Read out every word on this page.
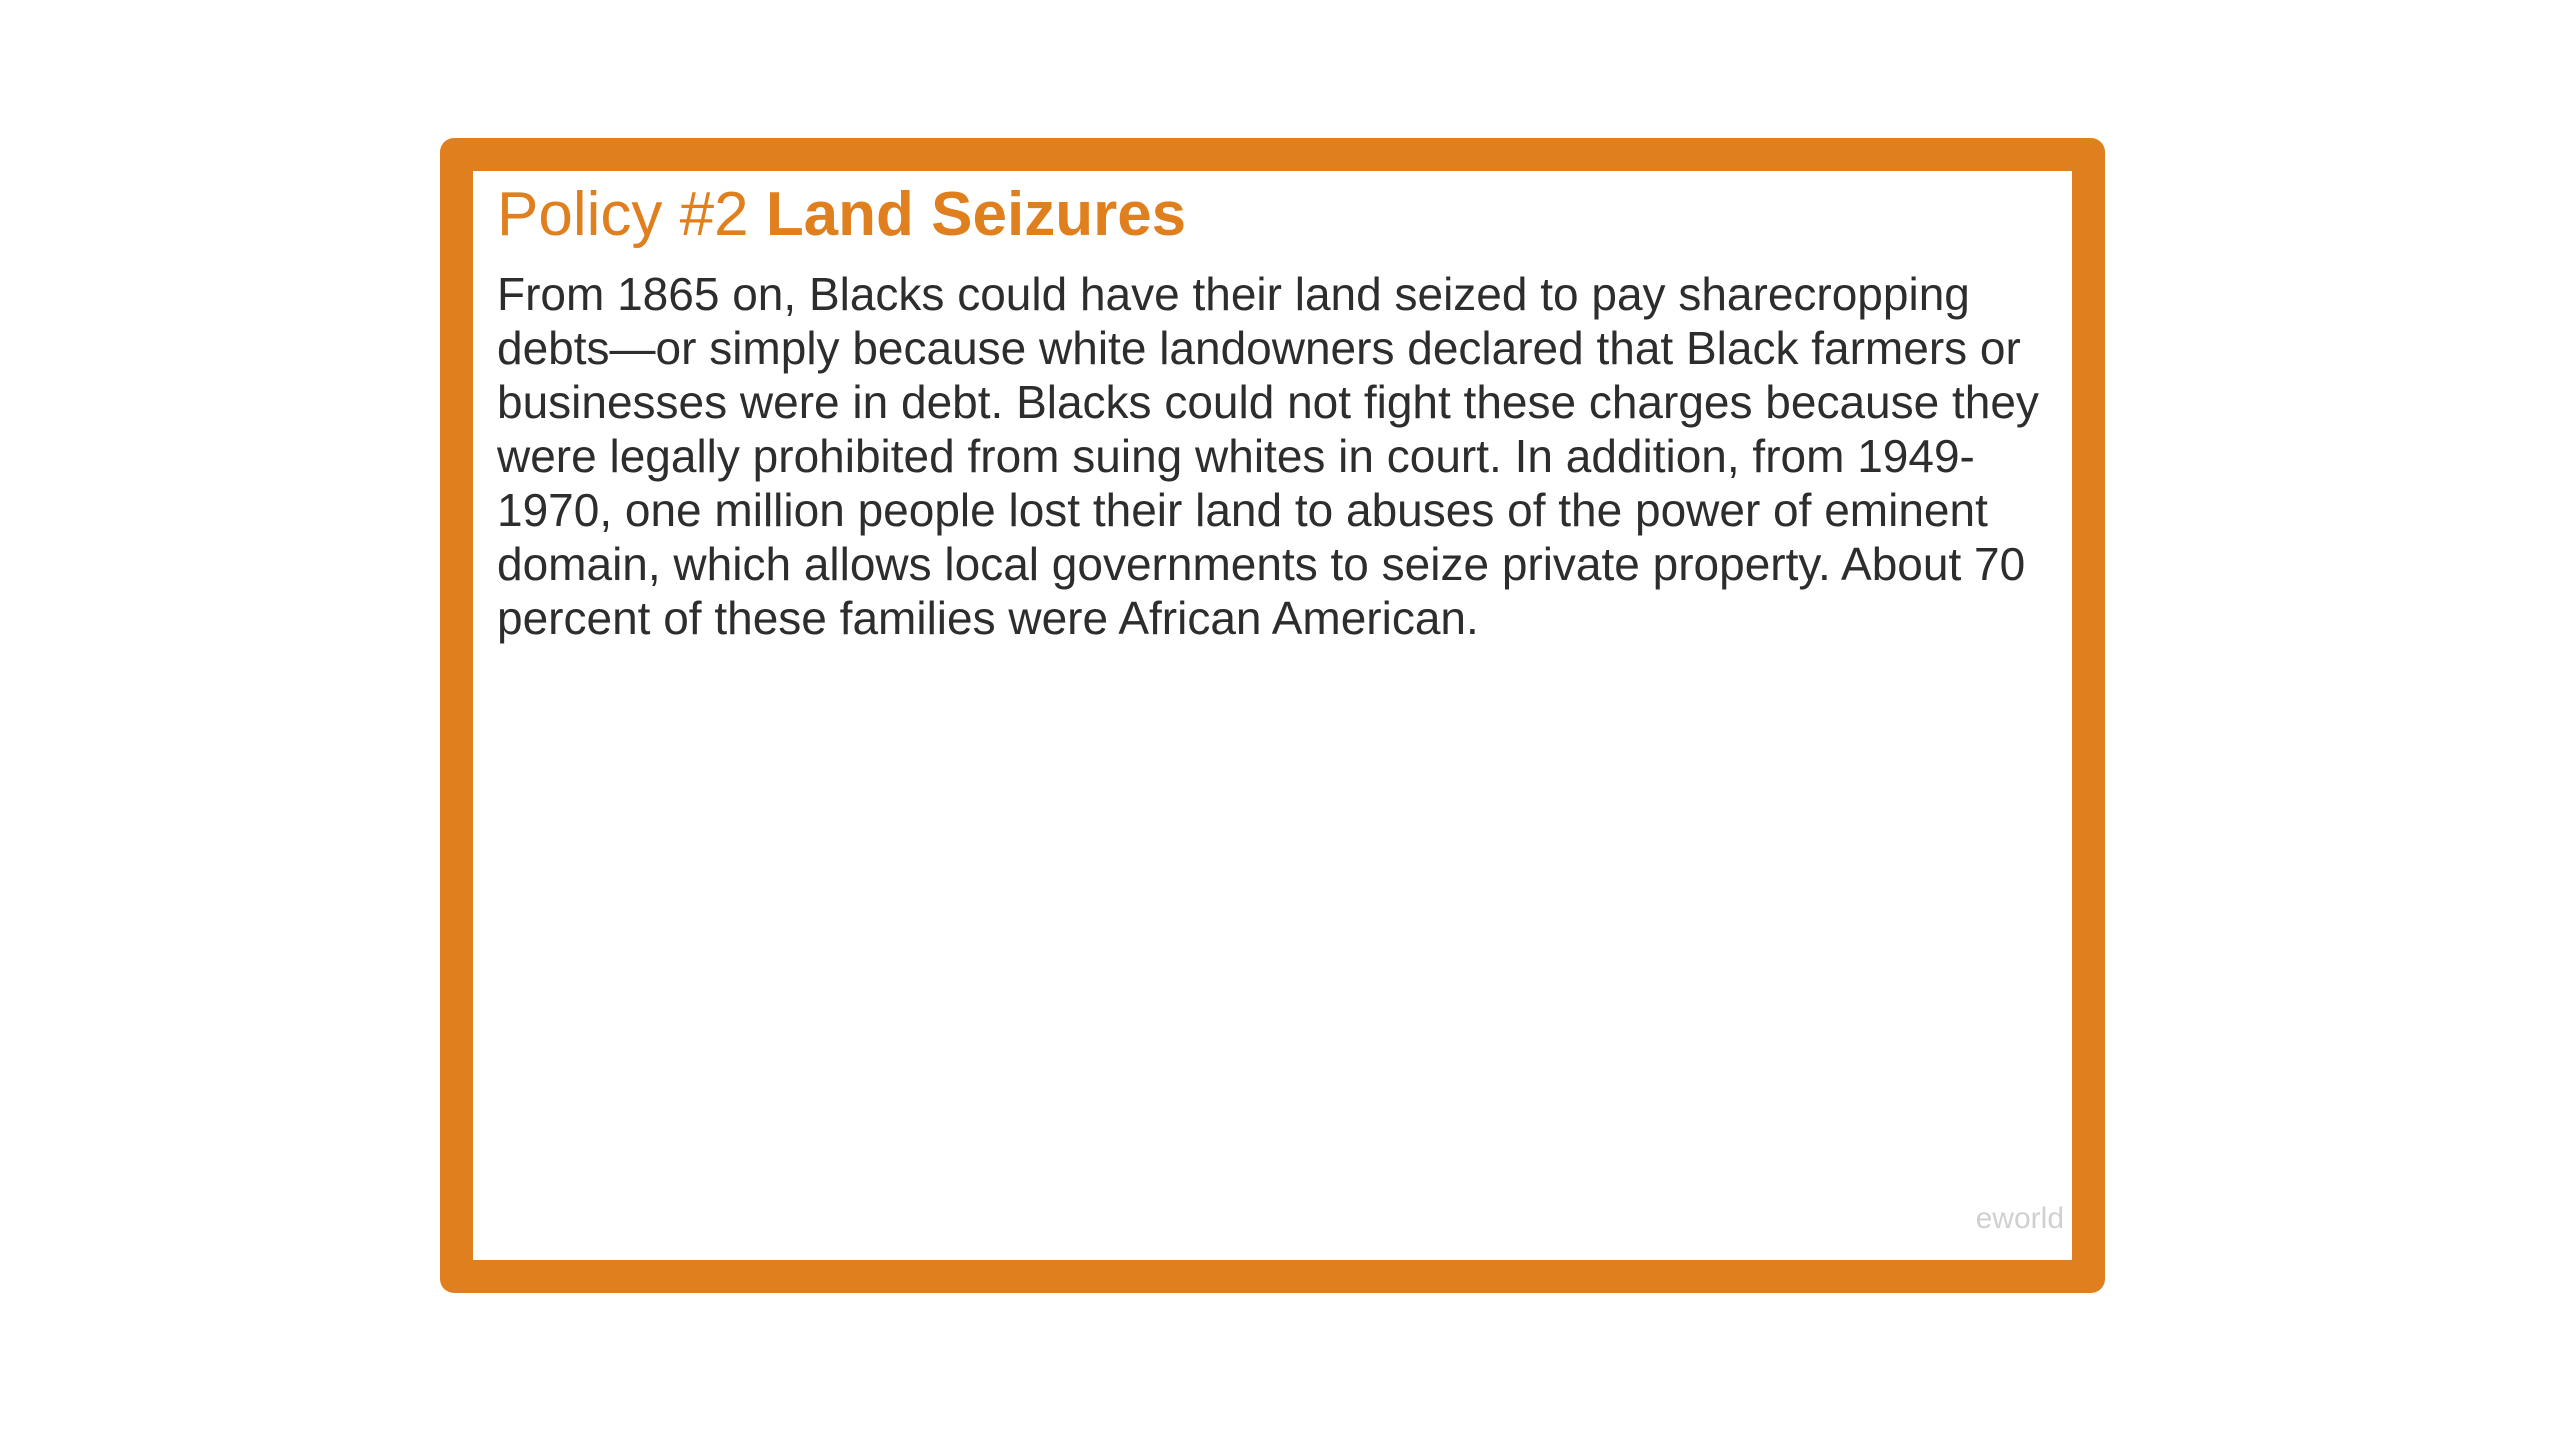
Policy #2 Land Seizures

From 1865 on, Blacks could have their land seized to pay sharecropping debts—or simply because white landowners declared that Black farmers or businesses were in debt. Blacks could not fight these charges because they were legally prohibited from suing whites in court. In addition, from 1949-1970, one million people lost their land to abuses of the power of eminent domain, which allows local governments to seize private property. About 70 percent of these families were African American.

eworld
